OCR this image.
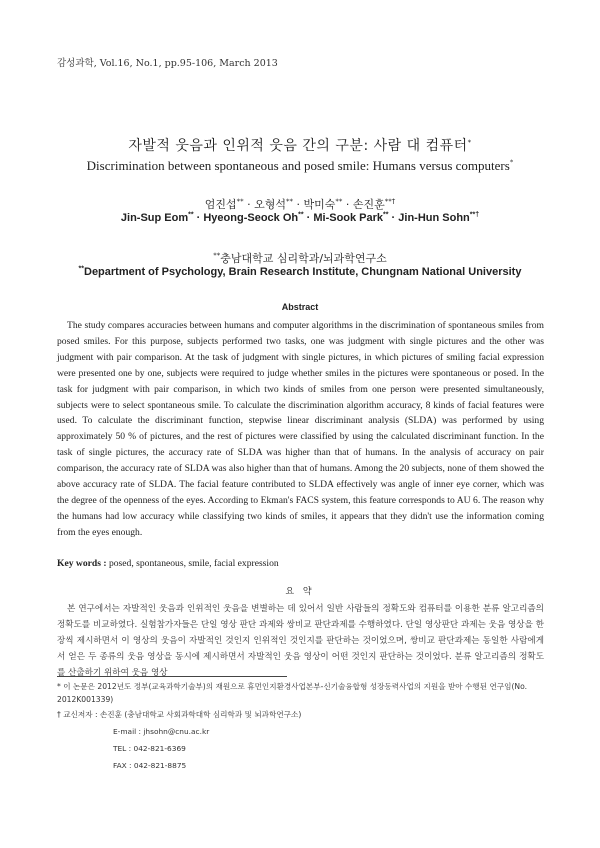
감성과학, Vol.16, No.1, pp.95-106, March 2013
자발적 웃음과 인위적 웃음 간의 구분: 사람 대 컴퓨터*
Discrimination between spontaneous and posed smile: Humans versus computers*
엄진섭** · 오형석** · 박미숙** · 손진훈**†
Jin-Sup Eom** · Hyeong-Seock Oh** · Mi-Sook Park** · Jin-Hun Sohn**†
**충남대학교 심리학과/뇌과학연구소
**Department of Psychology, Brain Research Institute, Chungnam National University
Abstract

The study compares accuracies between humans and computer algorithms in the discrimination of spontaneous smiles from posed smiles. For this purpose, subjects performed two tasks, one was judgment with single pictures and the other was judgment with pair comparison. At the task of judgment with single pictures, in which pictures of smiling facial expression were presented one by one, subjects were required to judge whether smiles in the pictures were spontaneous or posed. In the task for judgment with pair comparison, in which two kinds of smiles from one person were presented simultaneously, subjects were to select spontaneous smile. To calculate the discrimination algorithm accuracy, 8 kinds of facial features were used. To calculate the discriminant function, stepwise linear discriminant analysis (SLDA) was performed by using approximately 50 % of pictures, and the rest of pictures were classified by using the calculated discriminant function. In the task of single pictures, the accuracy rate of SLDA was higher than that of humans. In the analysis of accuracy on pair comparison, the accuracy rate of SLDA was also higher than that of humans. Among the 20 subjects, none of them showed the above accuracy rate of SLDA. The facial feature contributed to SLDA effectively was angle of inner eye corner, which was the degree of the openness of the eyes. According to Ekman's FACS system, this feature corresponds to AU 6. The reason why the humans had low accuracy while classifying two kinds of smiles, it appears that they didn't use the information coming from the eyes enough.

Key words : posed, spontaneous, smile, facial expression
요 약

본 연구에서는 자발적인 웃음과 인위적인 웃음을 변별하는 데 있어서 일반 사람들의 정확도와 컴퓨터를 이용한 분류 알고리즘의 정확도를 비교하였다. 실험참가자들은 단일 영상 판단 과제와 쌍비교 판단과제를 수행하였다. 단일 영상판단 과제는 웃음 영상을 한 장씩 제시하면서 이 영상의 웃음이 자발적인 것인지 인위적인 것인지를 판단하는 것이었으며, 쌍비교 판단과제는 동일한 사람에게서 얻은 두 종류의 웃음 영상을 동시에 제시하면서 자발적인 웃음 영상이 어떤 것인지 판단하는 것이었다. 분류 알고리즘의 정확도를 산출하기 위하여 웃음 영상

* 이 논문은 2012년도 정부(교육과학기술부)의 재원으로 휴먼인지환경사업본부-신기술융합형 성장동력사업의 지원을 받아 수행된 연구임(No. 2012K001339)
† 교신저자 : 손진훈 (충남대학교 사회과학대학 심리학과 및 뇌과학연구소)
E-mail : jhsohn@cnu.ac.kr
TEL : 042-821-6369
FAX : 042-821-8875
